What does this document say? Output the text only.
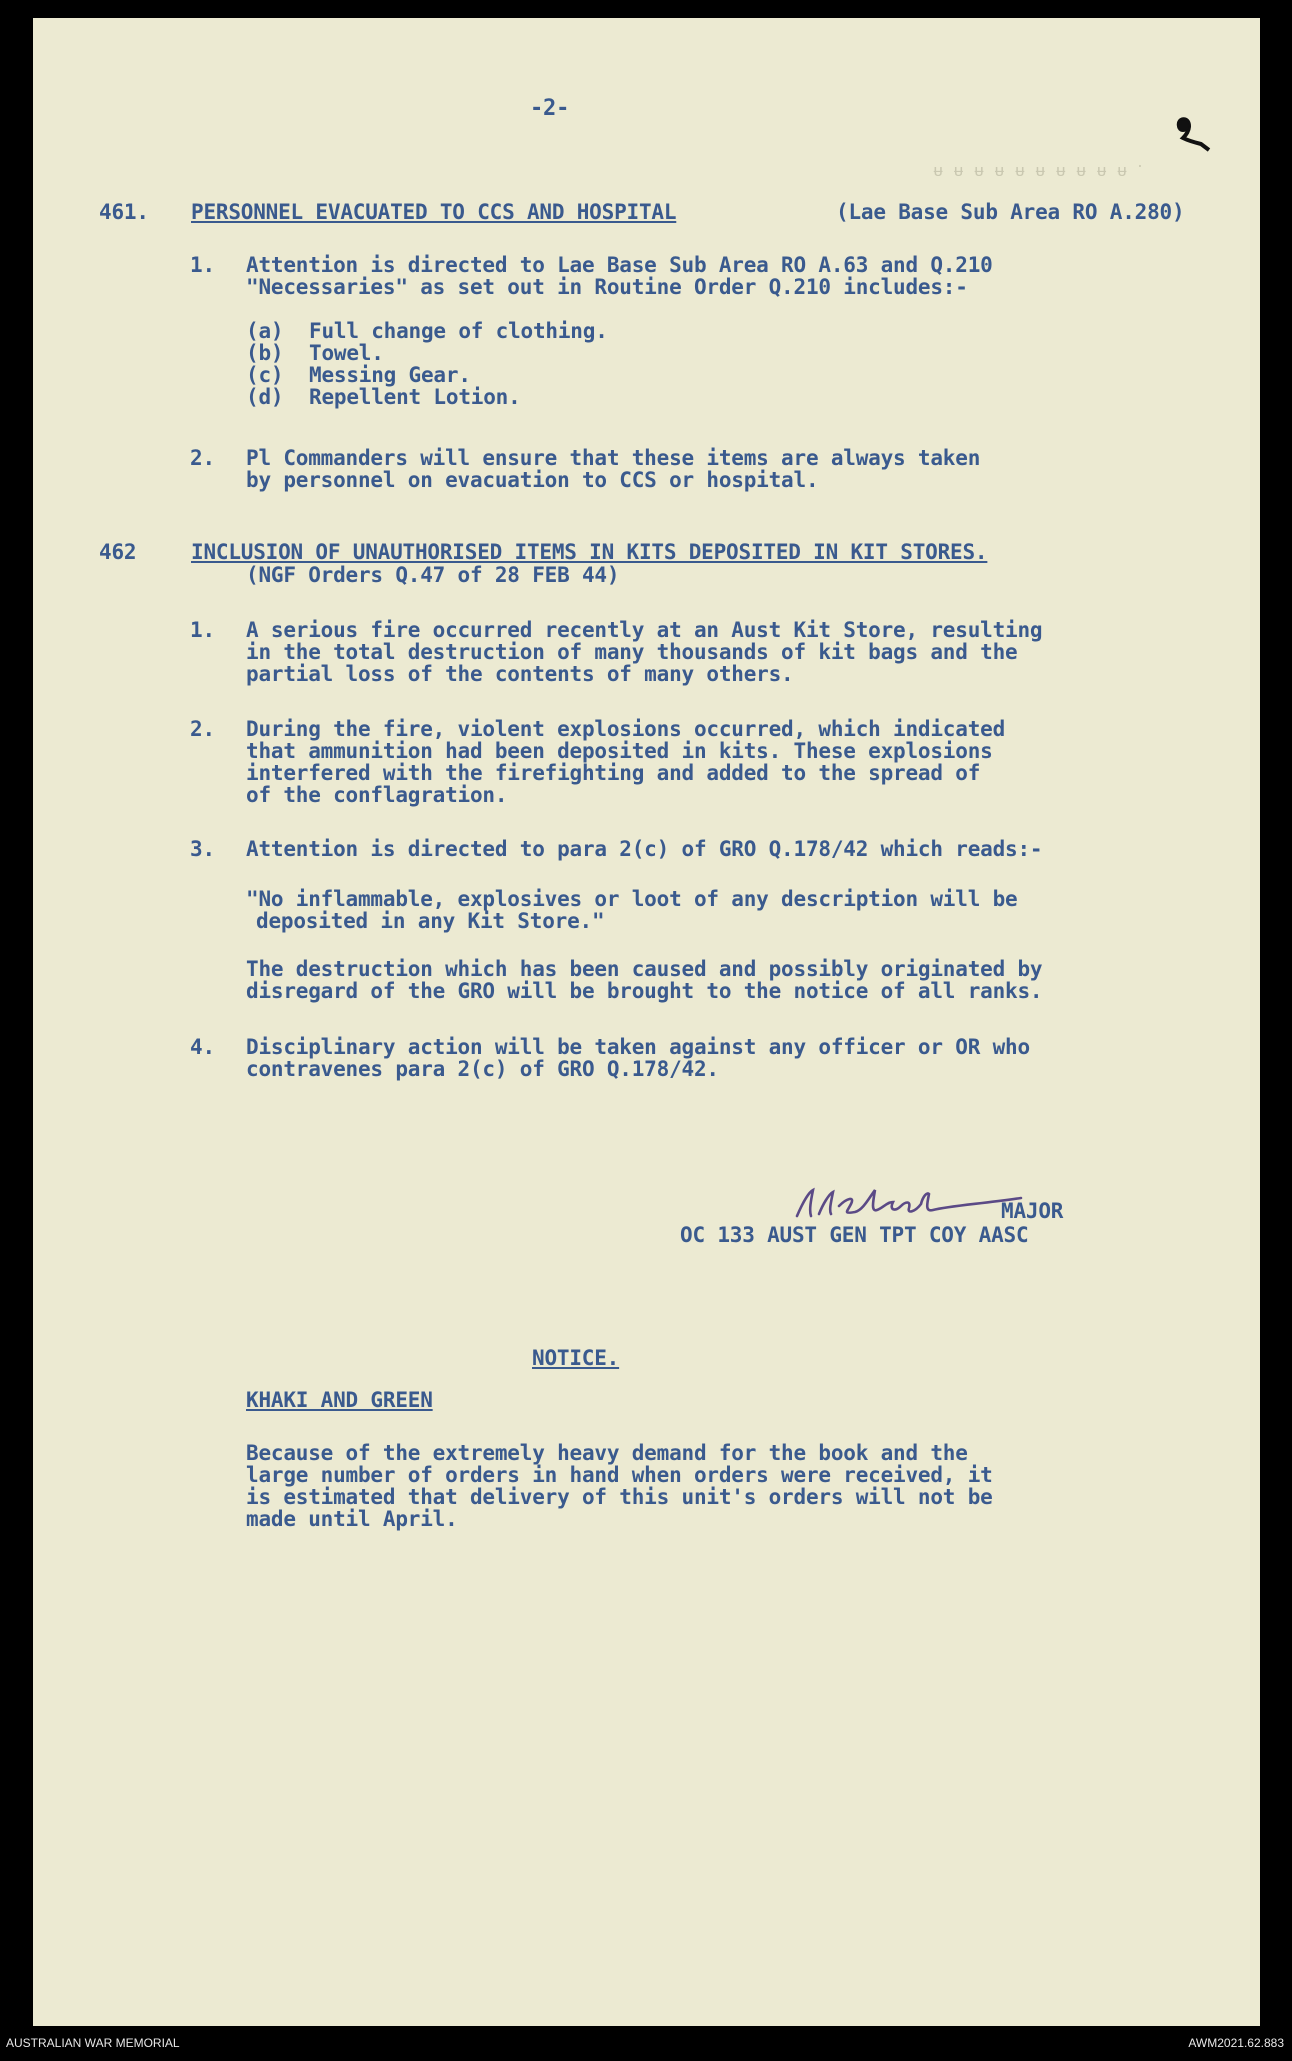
ॱ ᵾ ᵾ ᵾ ᵾ ᵾ ᵾ ᵾ ᵾ ᵾ ᵾ
-2-
461. PERSONNEL EVACUATED TO CCS AND HOSPITAL	(Lae Base Sub Area RO A.280)
1. Attention is directed to Lae Base Sub Area RO A.63 and Q.210
"Necessaries" as set out in Routine Order Q.210 includes:-
(a) Full change of clothing.
(b) Towel.
(c) Messing Gear.
(d) Repellent Lotion.
2. Pl Commanders will ensure that these items are always taken
by personnel on evacuation to CCS or hospital.
462	INCLUSION OF UNAUTHORISED ITEMS IN KITS DEPOSITED IN KIT STORES.
(NGF Orders Q.47 of 28 FEB 44)
1. A serious fire occurred recently at an Aust Kit Store, resulting
in the total destruction of many thousands of kit bags and the
partial loss of the contents of many others.
2. During the fire, violent explosions occurred, which indicated
that ammunition had been deposited in kits. These explosions
interfered with the firefighting and added to the spread of
of the conflagration.
3. Attention is directed to para 2(c) of GRO Q.178/42 which reads:-
"No inflammable, explosives or loot of any description will be
deposited in any Kit Store."
The destruction which has been caused and possibly originated by
disregard of the GRO will be brought to the notice of all ranks.
4. Disciplinary action will be taken against any officer or OR who
contravenes para 2(c) of GRO Q.178/42.
MAJOR
OC 133 AUST GEN TPT COY AASC
NOTICE.
KHAKI AND GREEN
Because of the extremely heavy demand for the book and the
large number of orders in hand when orders were received, it
is estimated that delivery of this unit's orders will not be
made until April.
AUSTRALIAN WAR MEMORIAL	AWM2021.62.883
